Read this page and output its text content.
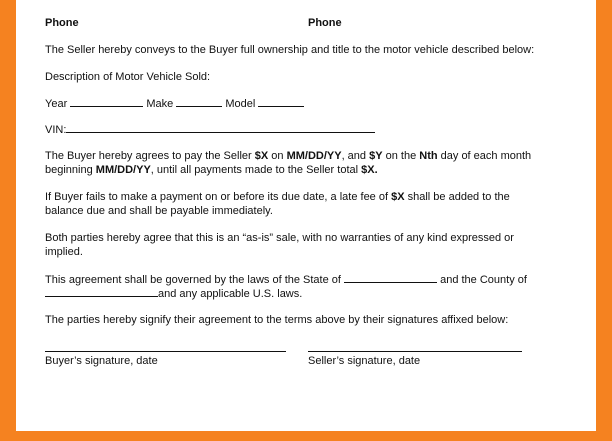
Phone	Phone
The Seller hereby conveys to the Buyer full ownership and title to the motor vehicle described below:
Description of Motor Vehicle Sold:
Year	Make	Model
VIN:
The Buyer hereby agrees to pay the Seller $X on MM/DD/YY, and $Y on the Nth day of each month
beginning MM/DD/YY, until all payments made to the Seller total $X.
If Buyer fails to make a payment on or before its due date, a late fee of $X shall be added to the
balance due and shall be payable immediately.
Both parties hereby agree that this is an “as-is” sale, with no warranties of any kind expressed or
implied.
This agreement shall be governed by the laws of the State of	and the County of
and any applicable U.S. laws.
The parties hereby signify their agreement to the terms above by their signatures affixed below:
Buyer’s signature, date	Seller’s signature, date
